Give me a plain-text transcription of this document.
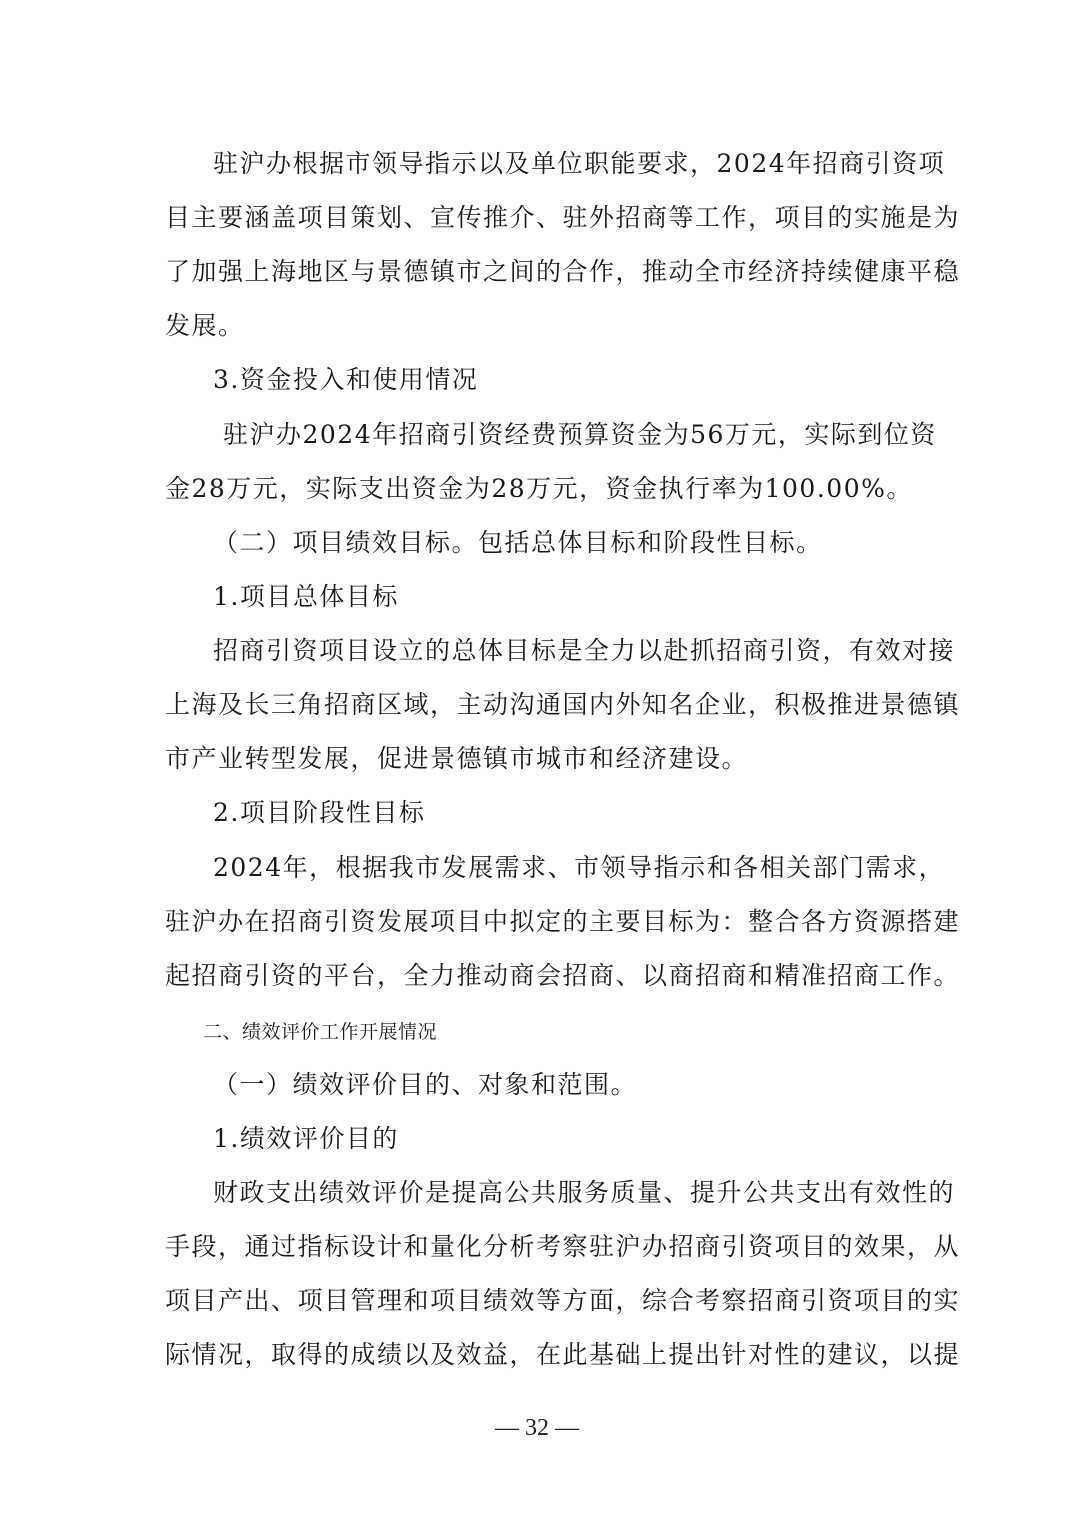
驻沪办根据市领导指示以及单位职能要求，2024年招商引资项
目主要涵盖项目策划、宣传推介、驻外招商等工作，项目的实施是为
了加强上海地区与景德镇市之间的合作，推动全市经济持续健康平稳
发展。
3.资金投入和使用情况
驻沪办2024年招商引资经费预算资金为56万元，实际到位资
金28万元，实际支出资金为28万元，资金执行率为100.00%。
（二）项目绩效目标。包括总体目标和阶段性目标。
1.项目总体目标
招商引资项目设立的总体目标是全力以赴抓招商引资，有效对接
上海及长三角招商区域，主动沟通国内外知名企业，积极推进景德镇
市产业转型发展，促进景德镇市城市和经济建设。
2.项目阶段性目标
2024年，根据我市发展需求、市领导指示和各相关部门需求，
驻沪办在招商引资发展项目中拟定的主要目标为：整合各方资源搭建
起招商引资的平台，全力推动商会招商、以商招商和精准招商工作。
二、绩效评价工作开展情况
（一）绩效评价目的、对象和范围。
1.绩效评价目的
财政支出绩效评价是提高公共服务质量、提升公共支出有效性的
手段，通过指标设计和量化分析考察驻沪办招商引资项目的效果，从
项目产出、项目管理和项目绩效等方面，综合考察招商引资项目的实
际情况，取得的成绩以及效益，在此基础上提出针对性的建议，以提
— 32 —
